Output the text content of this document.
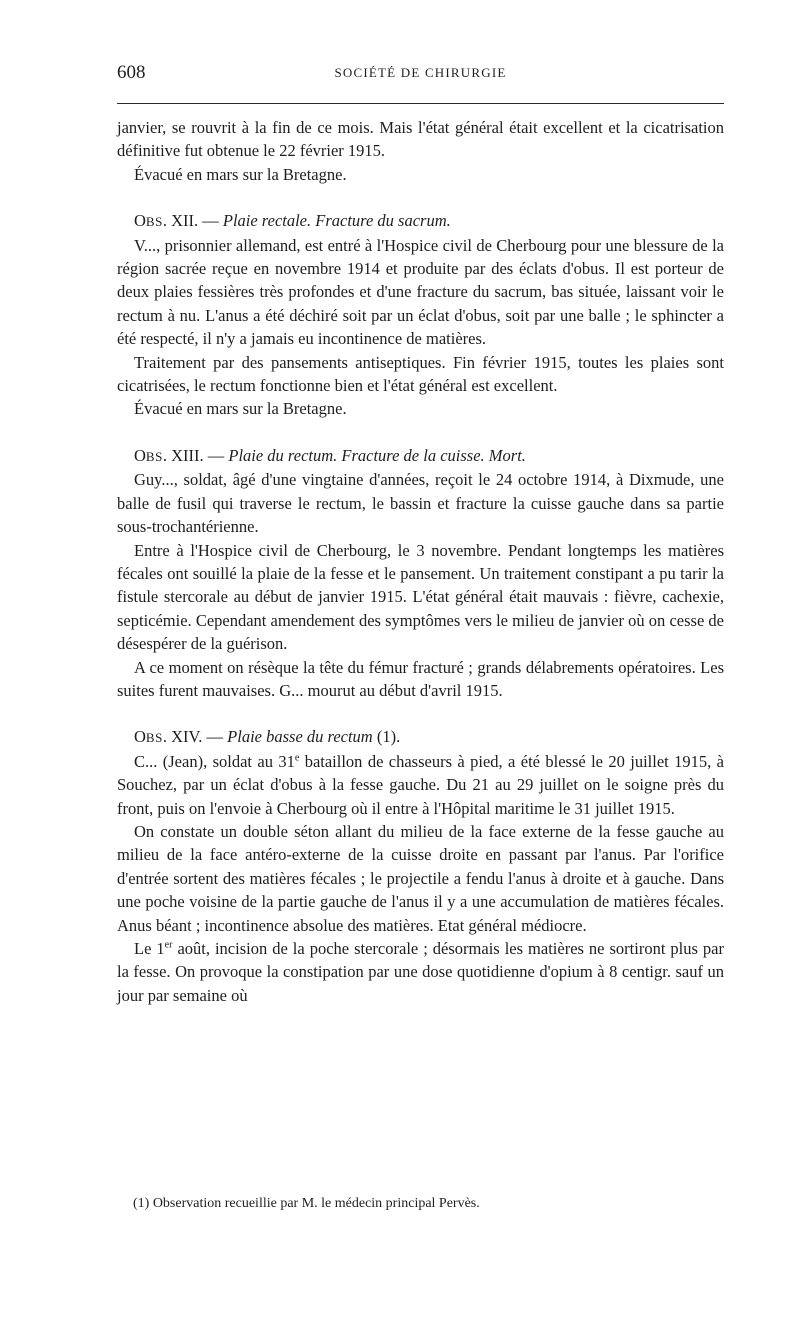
608	SOCIÉTÉ DE CHIRURGIE

janvier, se rouvrit à la fin de ce mois. Mais l'état général était excellent et la cicatrisation définitive fut obtenue le 22 février 1915.

Évacué en mars sur la Bretagne.

OBS. XII. — Plaie rectale. Fracture du sacrum.

V..., prisonnier allemand, est entré à l'Hospice civil de Cherbourg pour une blessure de la région sacrée reçue en novembre 1914 et produite par des éclats d'obus. Il est porteur de deux plaies fessières très profondes et d'une fracture du sacrum, bas située, laissant voir le rectum à nu. L'anus a été déchiré soit par un éclat d'obus, soit par une balle ; le sphincter a été respecté, il n'y a jamais eu incontinence de matières.

Traitement par des pansements antiseptiques. Fin février 1915, toutes les plaies sont cicatrisées, le rectum fonctionne bien et l'état général est excellent.

Évacué en mars sur la Bretagne.

OBS. XIII. — Plaie du rectum. Fracture de la cuisse. Mort.

Guy..., soldat, âgé d'une vingtaine d'années, reçoit le 24 octobre 1914, à Dixmude, une balle de fusil qui traverse le rectum, le bassin et fracture la cuisse gauche dans sa partie sous-trochantérienne.

Entre à l'Hospice civil de Cherbourg, le 3 novembre. Pendant longtemps les matières fécales ont souillé la plaie de la fesse et le pansement. Un traitement constipant a pu tarir la fistule stercorale au début de janvier 1915. L'état général était mauvais : fièvre, cachexie, septicémie. Cependant amendement des symptômes vers le milieu de janvier où on cesse de désespérer de la guérison.

A ce moment on résèque la tête du fémur fracturé ; grands délabrements opératoires. Les suites furent mauvaises. G... mourut au début d'avril 1915.

OBS. XIV. — Plaie basse du rectum (1).

C... (Jean), soldat au 31e bataillon de chasseurs à pied, a été blessé le 20 juillet 1915, à Souchez, par un éclat d'obus à la fesse gauche. Du 21 au 29 juillet on le soigne près du front, puis on l'envoie à Cherbourg où il entre à l'Hôpital maritime le 31 juillet 1915.

On constate un double séton allant du milieu de la face externe de la fesse gauche au milieu de la face antéro-externe de la cuisse droite en passant par l'anus. Par l'orifice d'entrée sortent des matières fécales ; le projectile a fendu l'anus à droite et à gauche. Dans une poche voisine de la partie gauche de l'anus il y a une accumulation de matières fécales. Anus béant ; incontinence absolue des matières. Etat général médiocre.

Le 1er août, incision de la poche stercorale ; désormais les matières ne sortiront plus par la fesse. On provoque la constipation par une dose quotidienne d'opium à 8 centigr. sauf un jour par semaine où

(1) Observation recueillie par M. le médecin principal Pervès.
